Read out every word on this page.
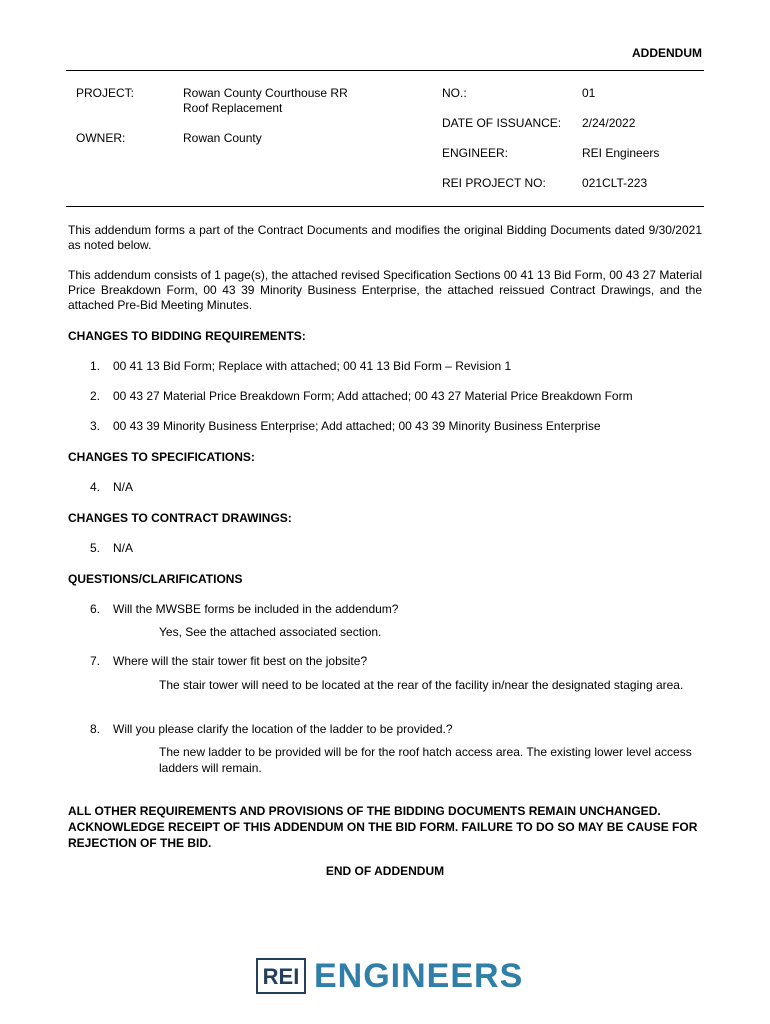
ADDENDUM
PROJECT:	Rowan County Courthouse RR
Roof Replacement
OWNER:	Rowan County
NO.:	01
DATE OF ISSUANCE: 2/24/2022
ENGINEER:	REI Engineers
REI PROJECT NO:	021CLT-223
This addendum forms a part of the Contract Documents and modifies the original Bidding Documents dated 9/30/2021 as noted below.
This addendum consists of 1 page(s), the attached revised Specification Sections 00 41 13 Bid Form, 00 43 27 Material Price Breakdown Form, 00 43 39 Minority Business Enterprise, the attached reissued Contract Drawings, and the attached Pre-Bid Meeting Minutes.
CHANGES TO BIDDING REQUIREMENTS:
1. 00 41 13 Bid Form; Replace with attached; 00 41 13 Bid Form – Revision 1
2. 00 43 27 Material Price Breakdown Form; Add attached; 00 43 27 Material Price Breakdown Form
3. 00 43 39 Minority Business Enterprise; Add attached; 00 43 39 Minority Business Enterprise
CHANGES TO SPECIFICATIONS:
4. N/A
CHANGES TO CONTRACT DRAWINGS:
5. N/A
QUESTIONS/CLARIFICATIONS
6. Will the MWSBE forms be included in the addendum?
Yes, See the attached associated section.
7. Where will the stair tower fit best on the jobsite?
The stair tower will need to be located at the rear of the facility in/near the designated staging area.
8. Will you please clarify the location of the ladder to be provided.?
The new ladder to be provided will be for the roof hatch access area. The existing lower level access ladders will remain.
ALL OTHER REQUIREMENTS AND PROVISIONS OF THE BIDDING DOCUMENTS REMAIN UNCHANGED. ACKNOWLEDGE RECEIPT OF THIS ADDENDUM ON THE BID FORM. FAILURE TO DO SO MAY BE CAUSE FOR REJECTION OF THE BID.
END OF ADDENDUM
REI ENGINEERS
